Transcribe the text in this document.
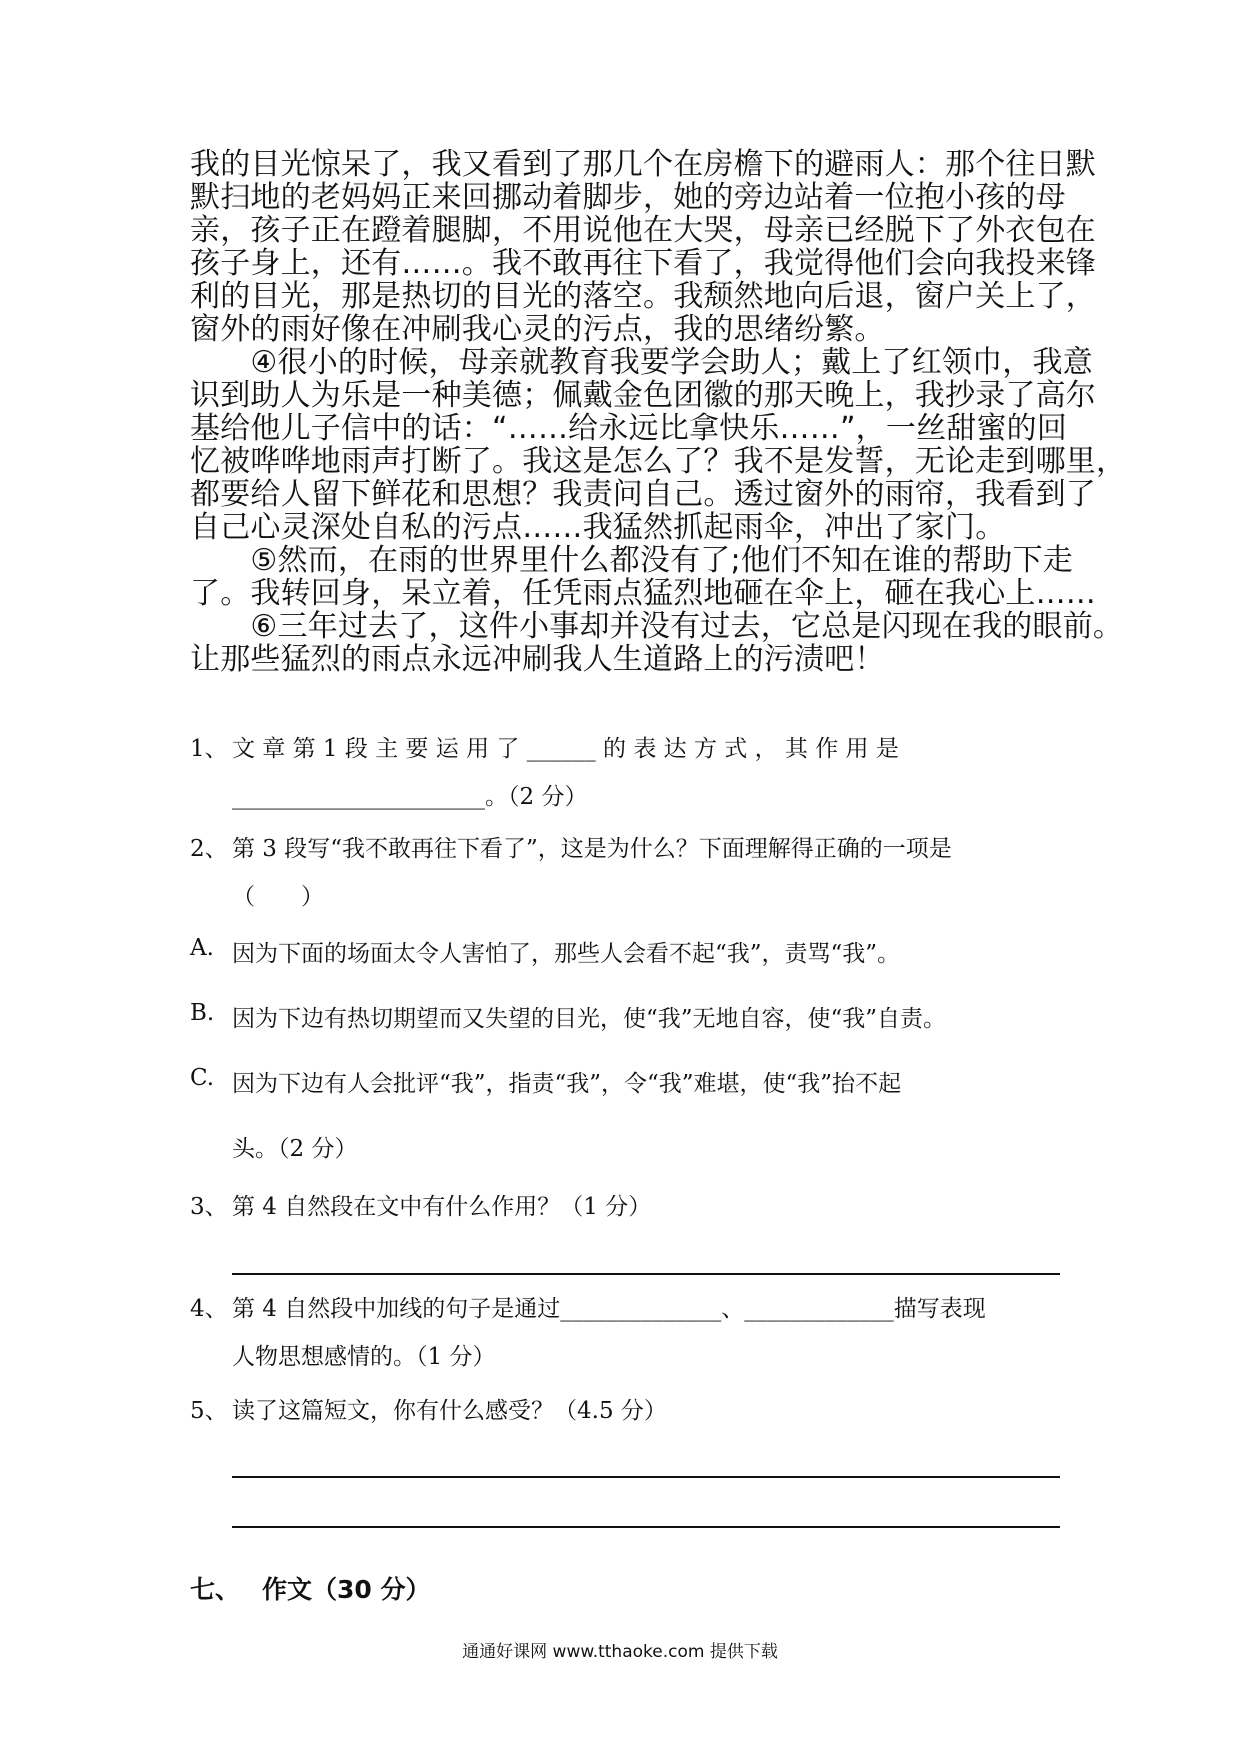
我的目光惊呆了，我又看到了那几个在房檐下的避雨人：那个往日默
默扫地的老妈妈正来回挪动着脚步，她的旁边站着一位抱小孩的母
亲，孩子正在蹬着腿脚，不用说他在大哭，母亲已经脱下了外衣包在
孩子身上，还有……。我不敢再往下看了，我觉得他们会向我投来锋
利的目光，那是热切的目光的落空。我颓然地向后退，窗户关上了，
窗外的雨好像在冲刷我心灵的污点，我的思绪纷繁。
　　④很小的时候，母亲就教育我要学会助人；戴上了红领巾，我意
识到助人为乐是一种美德；佩戴金色团徽的那天晚上，我抄录了高尔
基给他儿子信中的话：“……给永远比拿快乐……”，一丝甜蜜的回
忆被哗哗地雨声打断了。我这是怎么了？我不是发誓，无论走到哪里，
都要给人留下鲜花和思想？我责问自己。透过窗外的雨帘，我看到了
自己心灵深处自私的污点……我猛然抓起雨伞，冲出了家门。
　　⑤然而，在雨的世界里什么都没有了;他们不知在谁的帮助下走
了。我转回身，呆立着，任凭雨点猛烈地砸在伞上，砸在我心上……
　　⑥三年过去了，这件小事却并没有过去，它总是闪现在我的眼前。
让那些猛烈的雨点永远冲刷我人生道路上的污渍吧！
1、 文 章 第 1 段 主 要 运 用 了 ______ 的 表 达 方 式 ， 其 作 用 是
______________________。（2 分）
2、 第 3 段写“我不敢再往下看了”，这是为什么？下面理解得正确的一项是
（　　）
A. 因为下面的场面太令人害怕了，那些人会看不起“我”，责骂“我”。
B. 因为下边有热切期望而又失望的目光，使“我”无地自容，使“我”自责。
C. 因为下边有人会批评“我”，指责“我”，令“我”难堪，使“我”抬不起
头。（2 分）
3、 第 4 自然段在文中有什么作用？（1 分）
4、 第 4 自然段中加线的句子是通过______________、_____________描写表现
人物思想感情的。（1 分）
5、 读了这篇短文，你有什么感受？（4.5 分）
七、 作文（30 分）
通通好课网 www.tthaoke.com 提供下载
